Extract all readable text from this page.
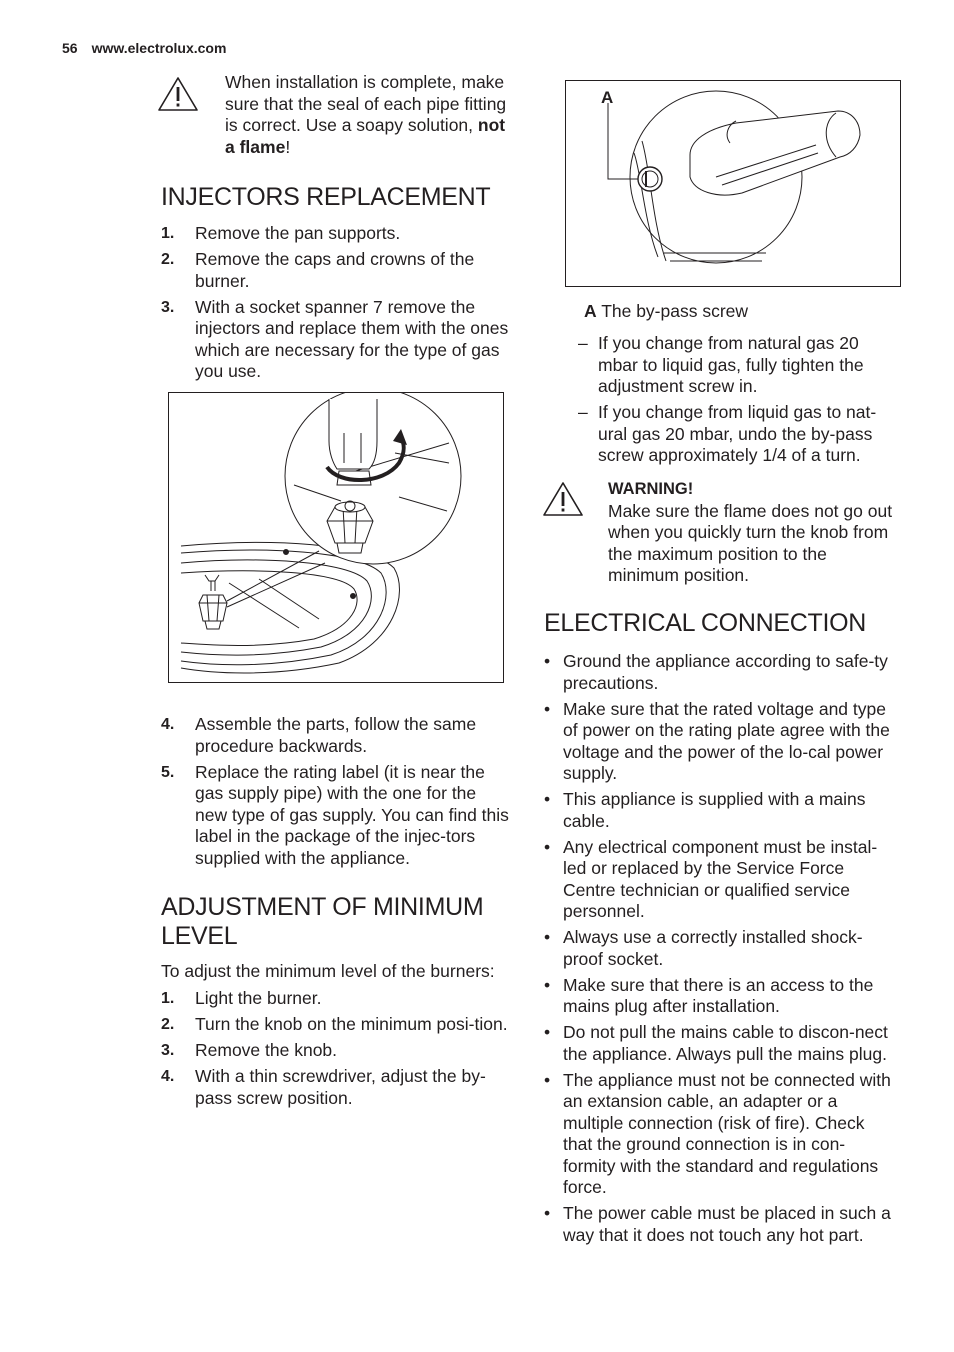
56 www.electrolux.com
When installation is complete, make sure that the seal of each pipe fitting is correct. Use a soapy solution, not a flame!
INJECTORS REPLACEMENT
1. Remove the pan supports.
2. Remove the caps and crowns of the burner.
3. With a socket spanner 7 remove the injectors and replace them with the ones which are necessary for the type of gas you use.
4. Assemble the parts, follow the same procedure backwards.
5. Replace the rating label (it is near the gas supply pipe) with the one for the new type of gas supply. You can find this label in the package of the injec-tors supplied with the appliance.
ADJUSTMENT OF MINIMUM LEVEL
To adjust the minimum level of the burners:
1. Light the burner.
2. Turn the knob on the minimum posi-tion.
3. Remove the knob.
4. With a thin screwdriver, adjust the by-pass screw position.
A
A The by-pass screw
– If you change from natural gas 20 mbar to liquid gas, fully tighten the adjustment screw in.
– If you change from liquid gas to nat-ural gas 20 mbar, undo the by-pass screw approximately 1/4 of a turn.
WARNING!
Make sure the flame does not go out when you quickly turn the knob from the maximum position to the minimum position.
ELECTRICAL CONNECTION
• Ground the appliance according to safe-ty precautions.
• Make sure that the rated voltage and type of power on the rating plate agree with the voltage and the power of the lo-cal power supply.
• This appliance is supplied with a mains cable.
• Any electrical component must be instal-led or replaced by the Service Force Centre technician or qualified service personnel.
• Always use a correctly installed shock-proof socket.
• Make sure that there is an access to the mains plug after installation.
• Do not pull the mains cable to discon-nect the appliance. Always pull the mains plug.
• The appliance must not be connected with an extansion cable, an adapter or a multiple connection (risk of fire). Check that the ground connection is in con-formity with the standard and regulations force.
• The power cable must be placed in such a way that it does not touch any hot part.
